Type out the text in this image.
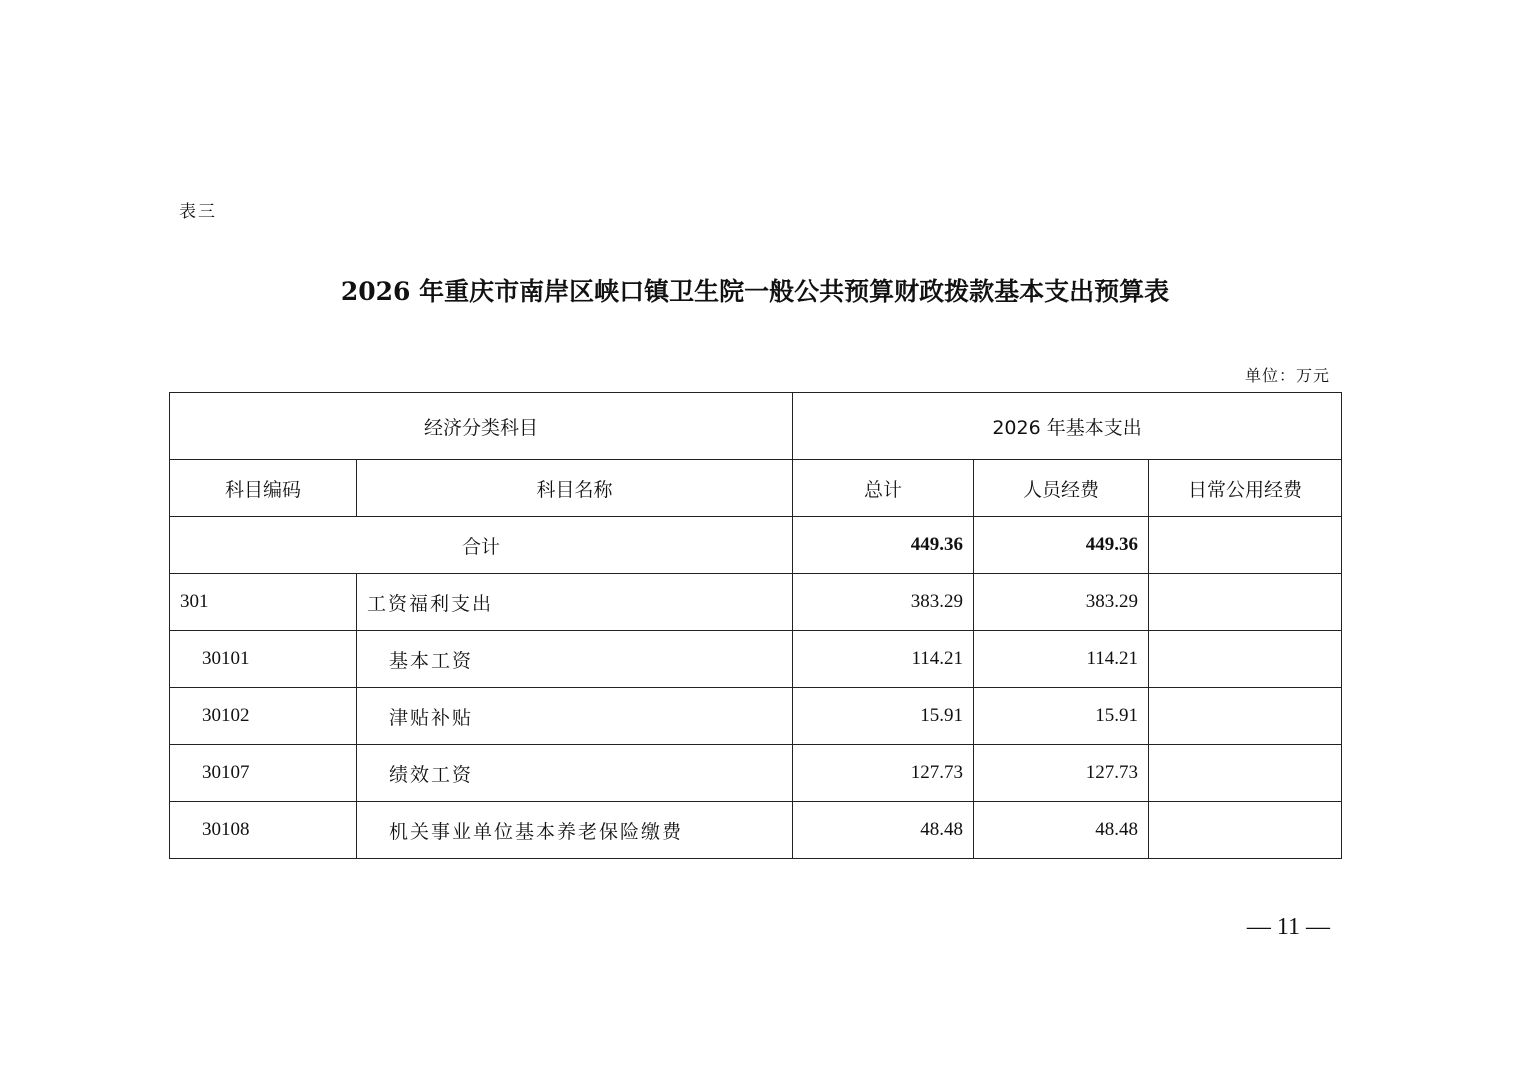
表三
2026 年重庆市南岸区峡口镇卫生院一般公共预算财政拨款基本支出预算表
单位：万元
经济分类科目		2026 年基本支出		
科目编码	科目名称	总计	人员经费	日常公用经费
合计		449.36	449.36	
301	工资福利支出	383.29	383.29	
30101	基本工资	114.21	114.21	
30102	津贴补贴	15.91	15.91	
30107	绩效工资	127.73	127.73	
30108	机关事业单位基本养老保险缴费	48.48	48.48	
— 11 —
